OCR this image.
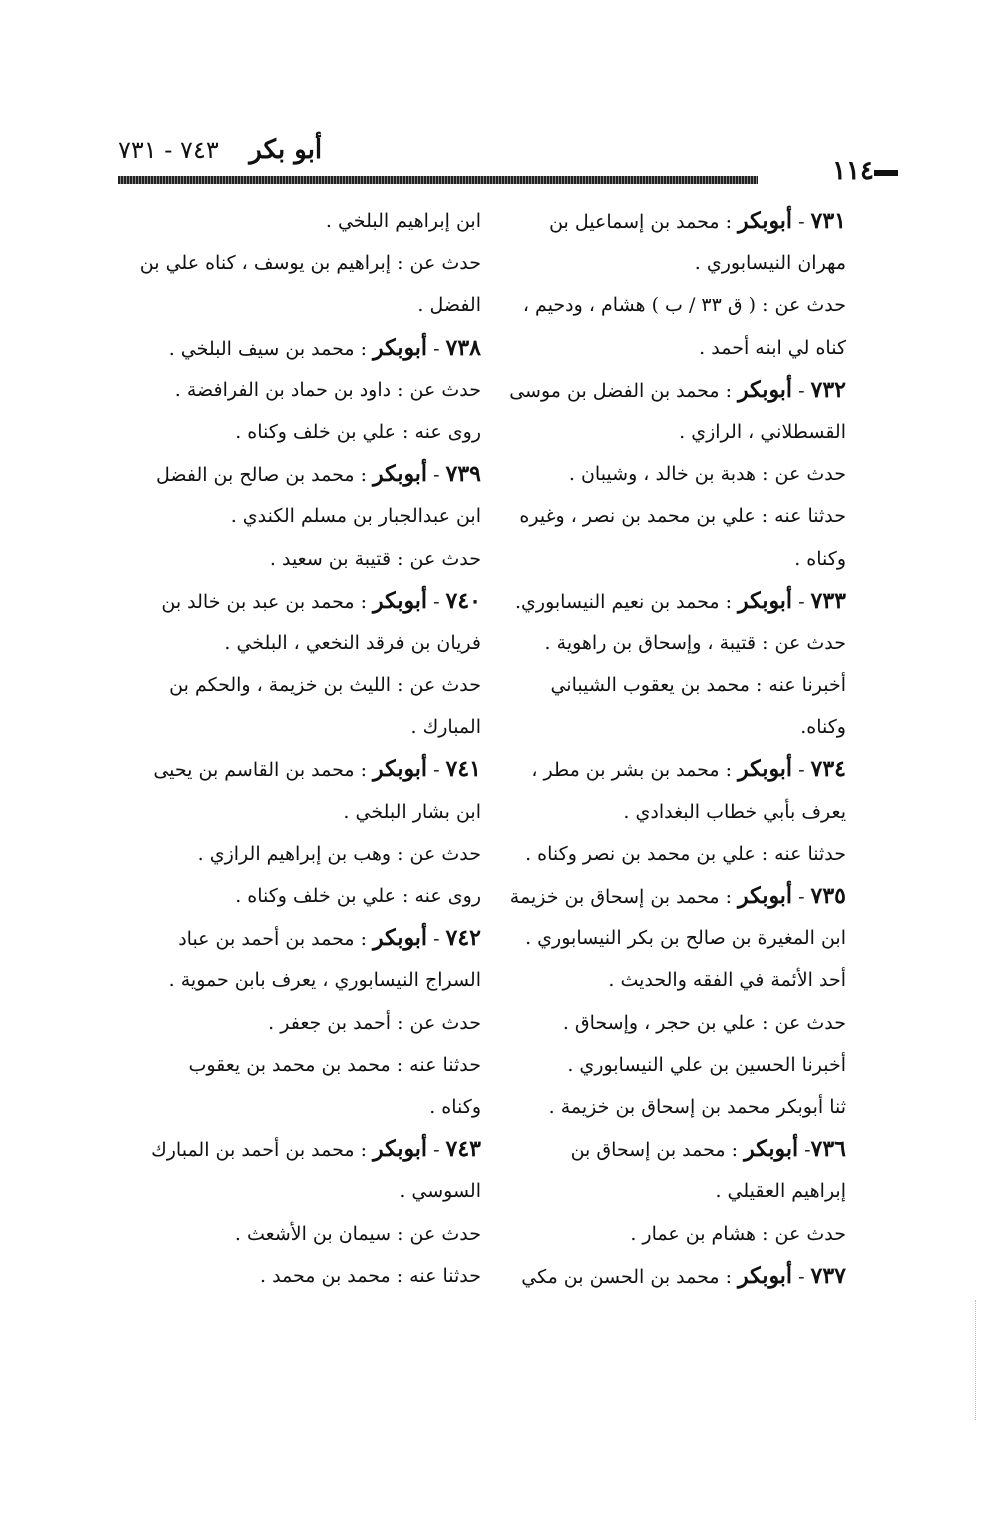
١١٤
أبو بكر    ٧٤٣ - ٧٣١
٧٣١ - أبوبكر : محمد بن إسماعيل بن
مهران النيسابوري .
حدث عن : ( ق ٣٣ / ب ) هشام ، ودحيم ،
كناه لي ابنه أحمد .
٧٣٢ - أبوبكر : محمد بن الفضل بن موسى
القسطلاني ، الرازي .
حدث عن : هدبة بن خالد ، وشيبان .
حدثنا عنه : علي بن محمد بن نصر ، وغيره
وكناه .
٧٣٣ - أبوبكر : محمد بن نعيم النيسابوري.
حدث عن : قتيبة ، وإسحاق بن راهوية .
أخبرنا عنه : محمد بن يعقوب الشيباني
وكناه.
٧٣٤ - أبوبكر : محمد بن بشر بن مطر ،
يعرف بأبي خطاب البغدادي .
حدثنا عنه : علي بن محمد بن نصر وكناه .
٧٣٥ - أبوبكر : محمد بن إسحاق بن خزيمة
ابن المغيرة بن صالح بن بكر النيسابوري .
أحد الأئمة في الفقه والحديث .
حدث عن : علي بن حجر ، وإسحاق .
أخبرنا الحسين بن علي النيسابوري .
ثنا أبوبكر محمد بن إسحاق بن خزيمة .
٧٣٦- أبوبكر : محمد بن إسحاق بن
إبراهيم العقيلي .
حدث عن : هشام بن عمار .
٧٣٧ - أبوبكر : محمد بن الحسن بن مكي
ابن إبراهيم البلخي .
حدث عن : إبراهيم بن يوسف ، كناه علي بن
الفضل .
٧٣٨ - أبوبكر : محمد بن سيف البلخي .
حدث عن : داود بن حماد بن الفرافضة .
روى عنه : علي بن خلف وكناه .
٧٣٩ - أبوبكر : محمد بن صالح بن الفضل
ابن عبدالجبار بن مسلم الكندي .
حدث عن : قتيبة بن سعيد .
٧٤٠ - أبوبكر : محمد بن عبد بن خالد بن
فريان بن فرقد النخعي ، البلخي .
حدث عن : الليث بن خزيمة ، والحكم بن
المبارك .
٧٤١ - أبوبكر : محمد بن القاسم بن يحيى
ابن بشار البلخي .
حدث عن : وهب بن إبراهيم الرازي .
روى عنه : علي بن خلف وكناه .
٧٤٢ - أبوبكر : محمد بن أحمد بن عباد
السراج النيسابوري ، يعرف بابن حموية .
حدث عن : أحمد بن جعفر .
حدثنا عنه : محمد بن محمد بن يعقوب
وكناه .
٧٤٣ - أبوبكر : محمد بن أحمد بن المبارك
السوسي .
حدث عن : سيمان بن الأشعث .
حدثنا عنه : محمد بن محمد .
